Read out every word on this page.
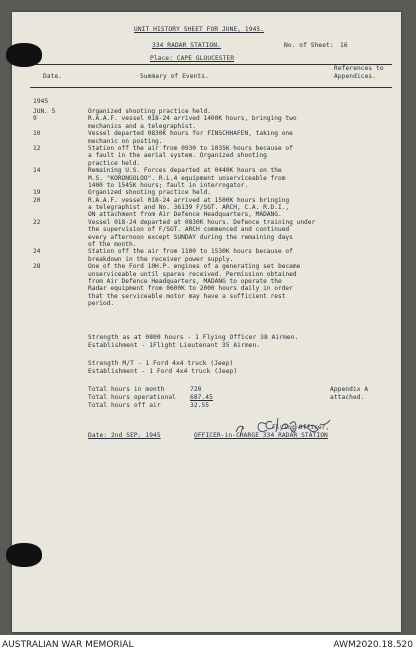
UNIT HISTORY SHEET FOR JUNE, 1945.
334 RADAR STATION.	No. of Sheet: 16
Place: CAPE GLOUCESTER
Date.	Summary of Events.
References to
Appendices.
1945
JUN. 5	Organized shooting practice held.
9	R.A.A.F. vessel 018-24 arrived 1400K hours, bringing two
mechanics and a telegraphist.
10	Vessel departed 0830K hours for FINSCHHAFEN, taking one
mechanic on posting.
12	Station off the air from 0930 to 1035K hours because of
a fault in the aerial system. Organized shooting
practice held.
14	Remaining U.S. Forces departed at 0440K hours on the
M.S. "KORONGOLOO". R.L.4 equipment unserviceable from
1400 to 1545K hours; fault in interrogator.
19	Organized shooting practice held.
20	R.A.A.F. vessel 018-24 arrived at 1500K hours bringing
a telegraphist and No. 36139 F/SGT. ARCH, C.A. R.D.I.,
ON attachment from Air Defence Headquarters, MADANG.
22	Vessel 018-24 departed at 0830K hours. Defence training under
the supervision of F/SGT. ARCH commenced and continued
every afternoon except SUNDAY during the remaining days
of the month.
24	Station off the air from 1100 to 1530K hours because of
breakdown in the receiver power supply.
28	One of the Ford 10H.P. engines of a generating set became
unserviceable until spares received. Permission obtained
from Air Defence Headquarters, MADANG to operate the
Radar equipment from 0600K to 2000 hours daily in order
that the serviceable motor may have a sufficient rest
period.
Strength as at 0800 hours - 1 Flying Officer 38 Airmen.
Establishment - 1Flight Lieutenant 35 Airmen.
Strength M/T - 1 Ford 4x4 truck (Jeep)
Establishment - 1 Ford 4x4 truck (Jeep)
Total hours in month	720
Total hours operational 687.45
Total hours off air	32.55
Appendix A
attached.
Flying Officer,
OFFICER-in-CHARGE 334 RADAR STATION
Date: 2nd SEP. 1945
AUSTRALIAN WAR MEMORIAL	AWM2020.18.520
